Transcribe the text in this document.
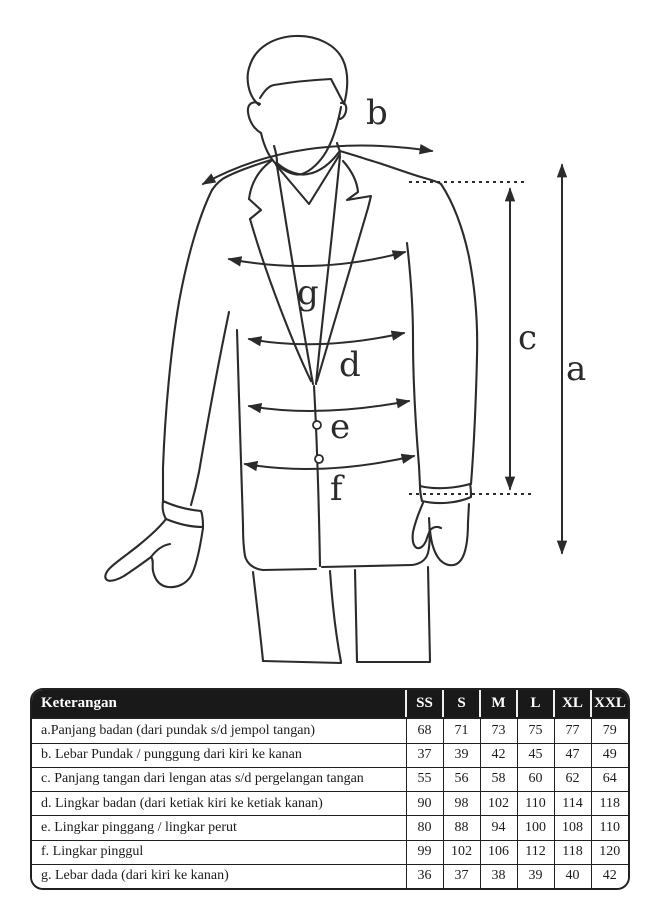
b
g
d
e
f
c
a
Keterangan	SS	S	M	L	XL	XXL
a.Panjang badan (dari pundak s/d jempol tangan)	68	71	73	75	77	79
b. Lebar Pundak / punggung dari kiri ke kanan	37	39	42	45	47	49
c. Panjang tangan dari lengan atas s/d pergelangan tangan	55	56	58	60	62	64
d. Lingkar badan (dari ketiak kiri ke ketiak kanan)	90	98	102	110	114	118
e. Lingkar pinggang / lingkar perut	80	88	94	100	108	110
f. Lingkar pinggul	99	102	106	112	118	120
g. Lebar dada (dari kiri ke kanan)	36	37	38	39	40	42
